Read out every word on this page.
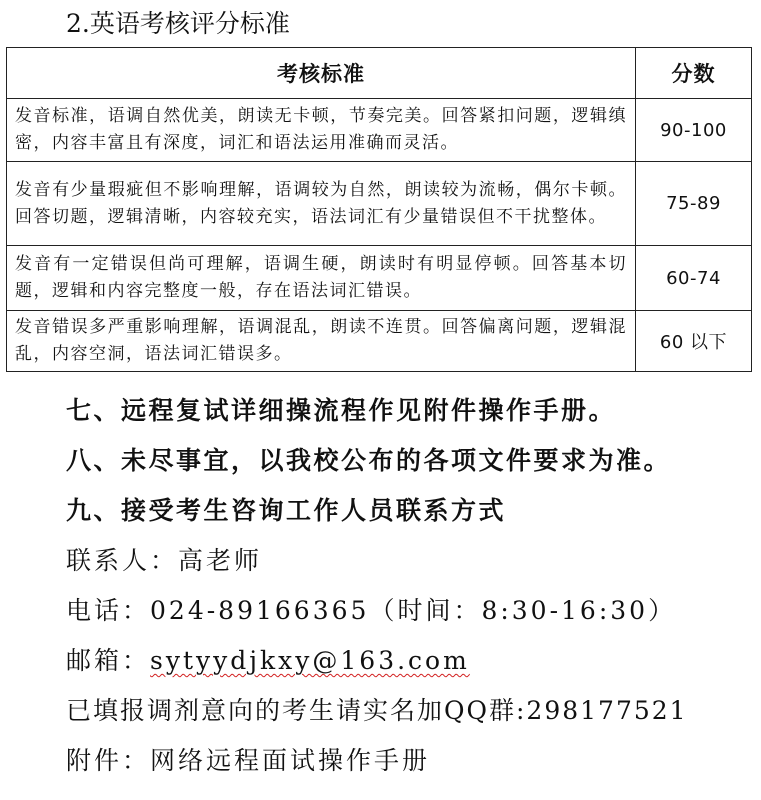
2.英语考核评分标准
考核标准	分数
发音标准，语调自然优美，朗读无卡顿，节奏完美。回答紧扣问题，逻辑缜密，内容丰富且有深度，词汇和语法运用准确而灵活。	90-100
发音有少量瑕疵但不影响理解，语调较为自然，朗读较为流畅，偶尔卡顿。回答切题，逻辑清晰，内容较充实，语法词汇有少量错误但不干扰整体。	75-89
发音有一定错误但尚可理解，语调生硬，朗读时有明显停顿。回答基本切题，逻辑和内容完整度一般，存在语法词汇错误。	60-74
发音错误多严重影响理解，语调混乱，朗读不连贯。回答偏离问题，逻辑混乱，内容空洞，语法词汇错误多。	60 以下
七、远程复试详细操流程作见附件操作手册。
八、未尽事宜，以我校公布的各项文件要求为准。
九、接受考生咨询工作人员联系方式
联系人：高老师
电话：024-89166365（时间：8:30-16:30）
邮箱：sytyydjkxy@163.com
已填报调剂意向的考生请实名加QQ群:298177521
附件：网络远程面试操作手册
